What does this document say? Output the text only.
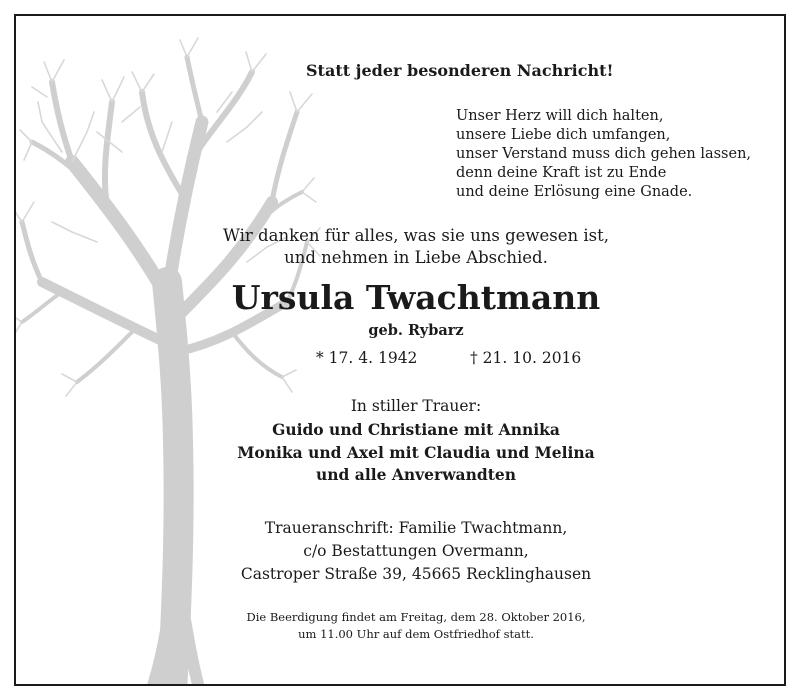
Statt jeder besonderen Nachricht!
Unser Herz will dich halten,
unsere Liebe dich umfangen,
unser Verstand muss dich gehen lassen,
denn deine Kraft ist zu Ende
und deine Erlösung eine Gnade.
Wir danken für alles, was sie uns gewesen ist,
und nehmen in Liebe Abschied.
Ursula Twachtmann
geb. Rybarz
* 17. 4. 1942	† 21. 10. 2016
In stiller Trauer:
Guido und Christiane mit Annika
Monika und Axel mit Claudia und Melina
und alle Anverwandten
Traueranschrift: Familie Twachtmann,
c/o Bestattungen Overmann,
Castroper Straße 39, 45665 Recklinghausen
Die Beerdigung findet am Freitag, dem 28. Oktober 2016,
um 11.00 Uhr auf dem Ostfriedhof statt.
